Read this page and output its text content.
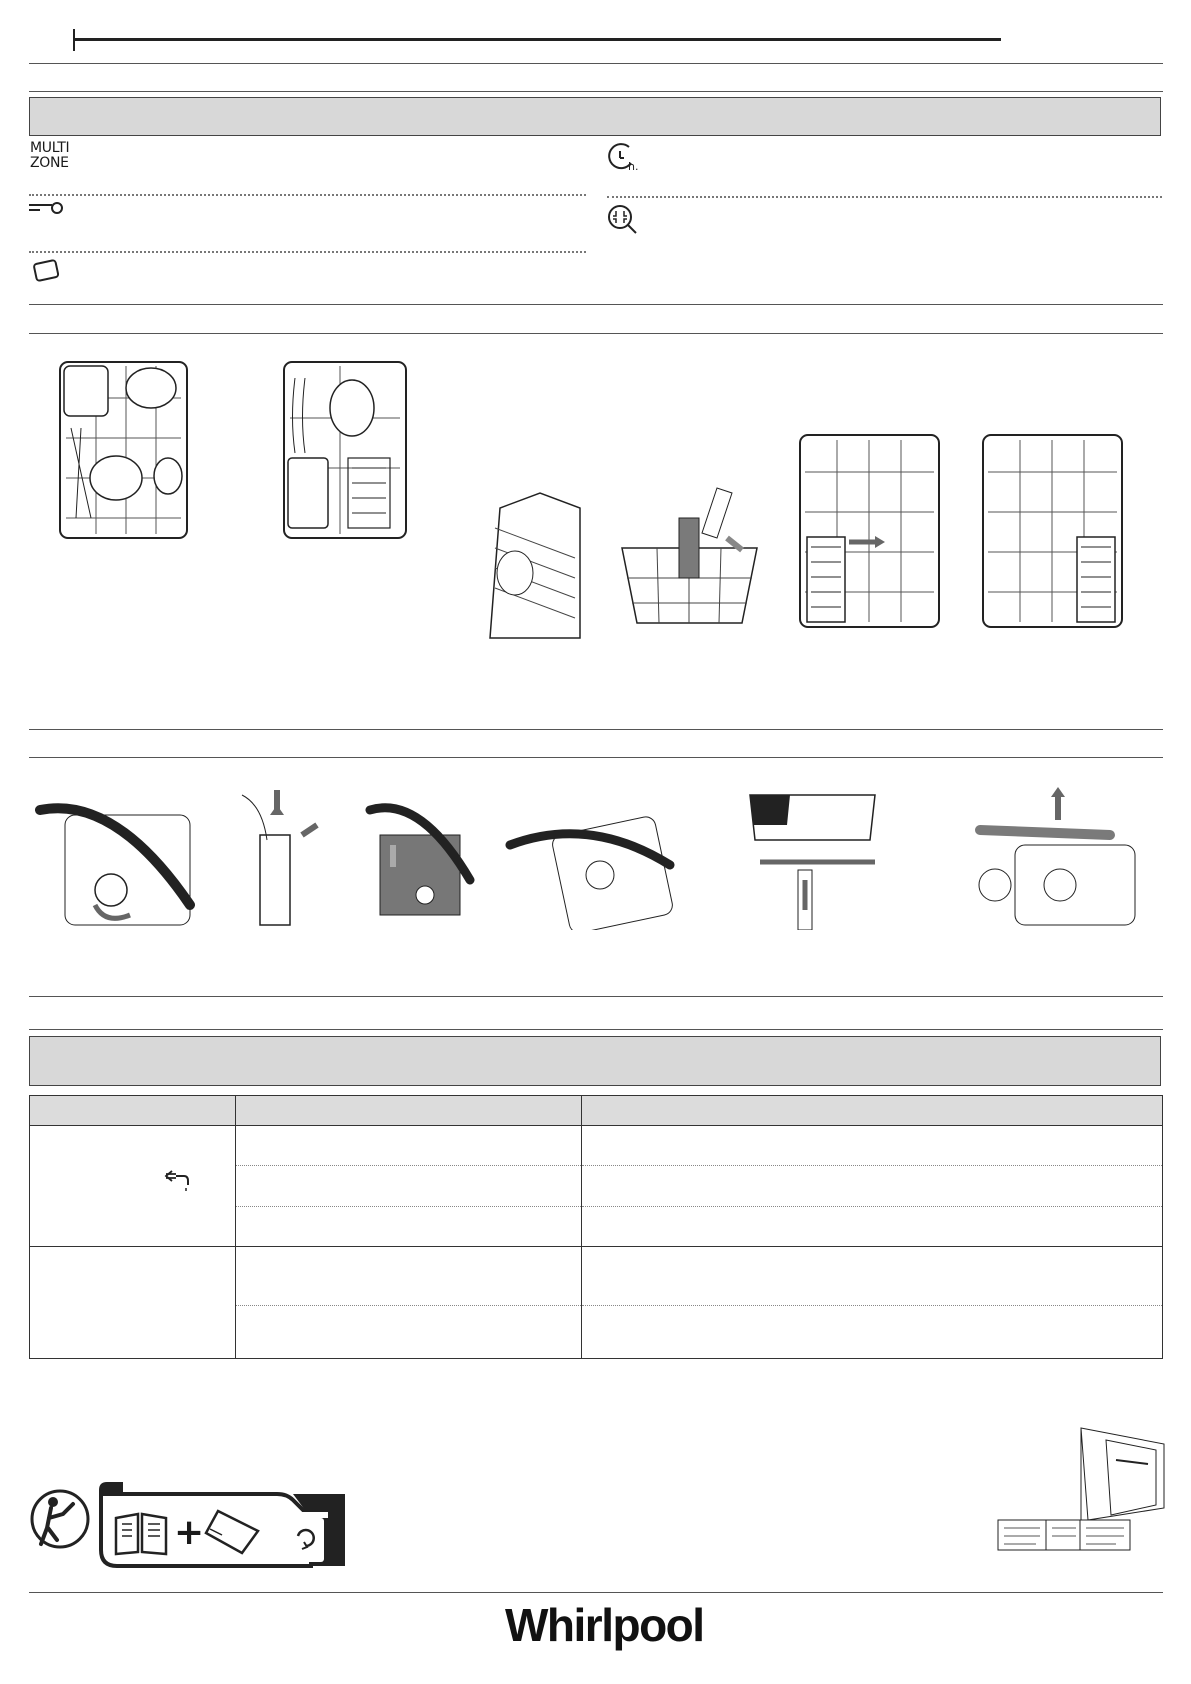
MULTI
ZONE	h.

+
Whirlpool
